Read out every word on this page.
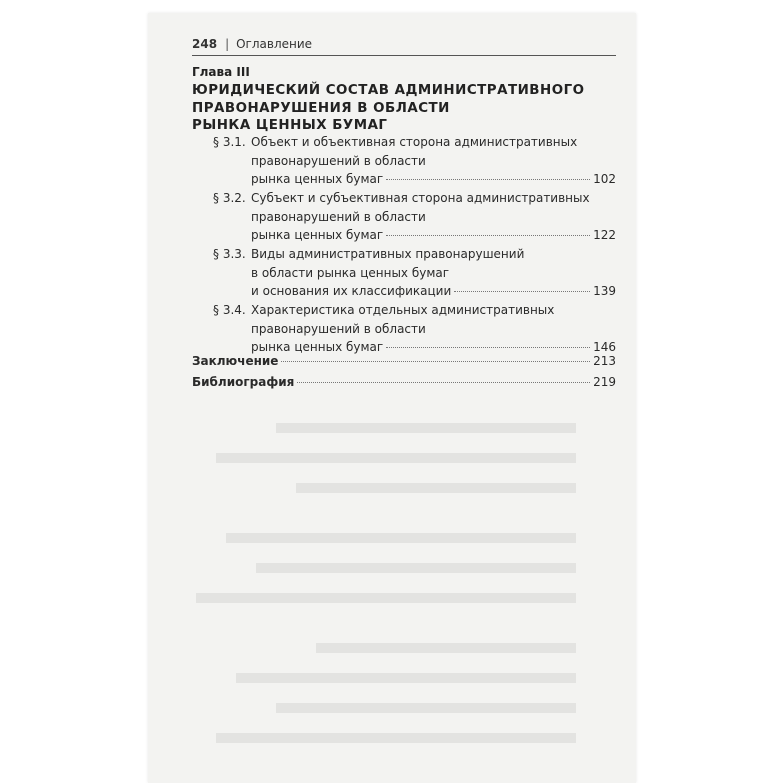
248 | Оглавление
Глава III
ЮРИДИЧЕСКИЙ СОСТАВ АДМИНИСТРАТИВНОГО
ПРАВОНАРУШЕНИЯ В ОБЛАСТИ
РЫНКА ЦЕННЫХ БУМАГ
§ 3.1. Объект и объективная сторона административных
правонарушений в области
рынка ценных бумаг	102
§ 3.2. Субъект и субъективная сторона административных
правонарушений в области
рынка ценных бумаг	122
§ 3.3. Виды административных правонарушений
в области рынка ценных бумаг
и основания их классификации	139
§ 3.4. Характеристика отдельных административных
правонарушений в области
рынка ценных бумаг	146
Заключение	213
Библиография	219
